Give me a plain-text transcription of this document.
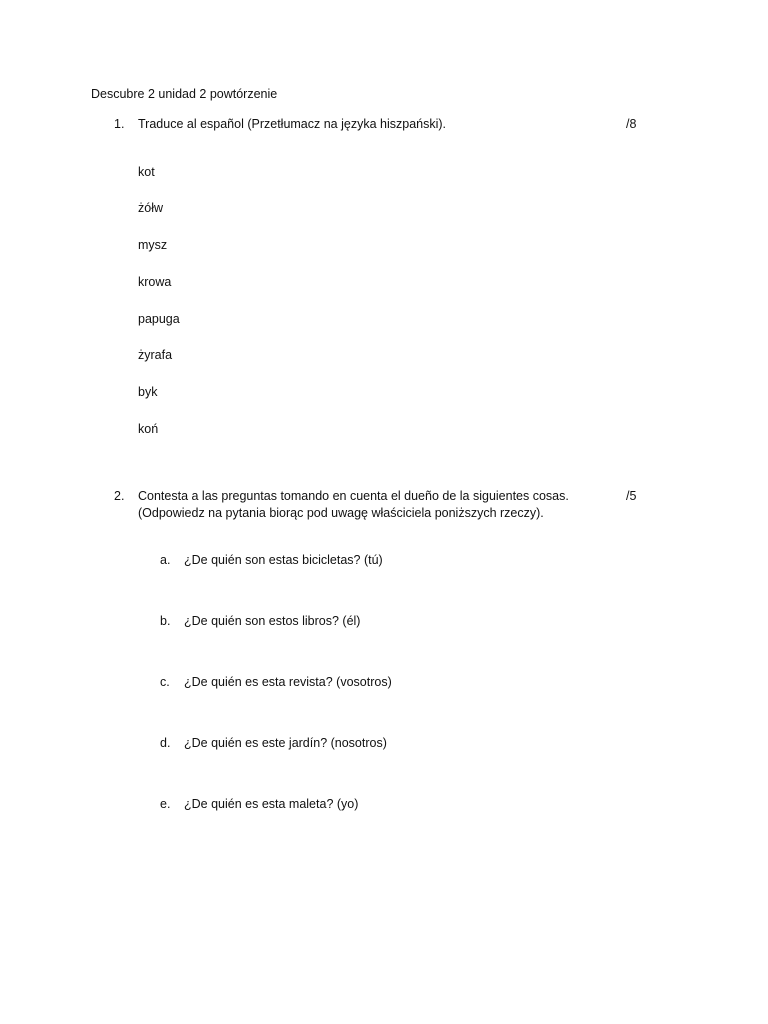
Descubre 2 unidad 2 powtórzenie
1. Traduce al español (Przetłumacz na języka hiszpański).	/8
kot
żółw
mysz
krowa
papuga
żyrafa
byk
koń
2. Contesta a las preguntas tomando en cuenta el dueño de la siguientes cosas.
(Odpowiedz na pytania biorąc pod uwagę właściciela poniższych rzeczy).
/5
a. ¿De quién son estas bicicletas? (tú)
b. ¿De quién son estos libros? (él)
c. ¿De quién es esta revista? (vosotros)
d. ¿De quién es este jardín? (nosotros)
e. ¿De quién es esta maleta? (yo)
